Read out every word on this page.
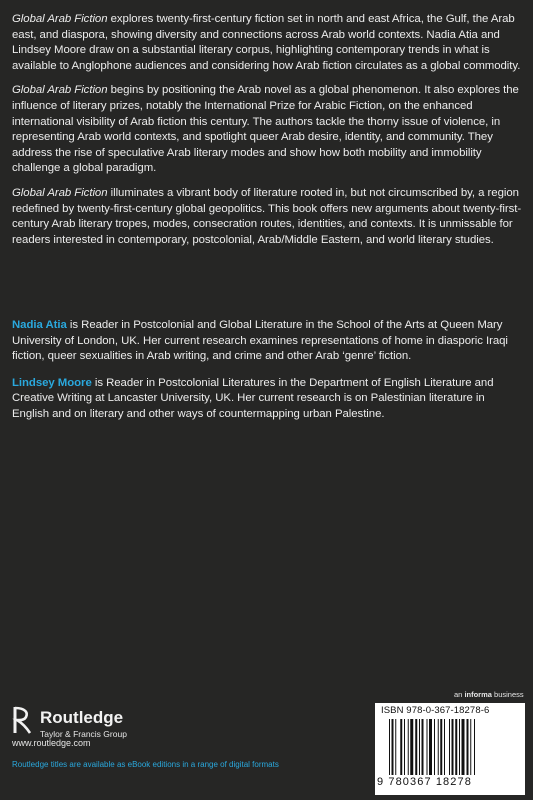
Global Arab Fiction explores twenty-first-century fiction set in north and east Africa, the Gulf, the Arab east, and diaspora, showing diversity and connections across Arab world contexts. Nadia Atia and Lindsey Moore draw on a substantial literary corpus, highlighting contemporary trends in what is available to Anglophone audiences and considering how Arab fiction circulates as a global commodity.

Global Arab Fiction begins by positioning the Arab novel as a global phenomenon. It also explores the influence of literary prizes, notably the International Prize for Arabic Fiction, on the enhanced international visibility of Arab fiction this century. The authors tackle the thorny issue of violence, in representing Arab world contexts, and spotlight queer Arab desire, identity, and community. They address the rise of speculative Arab literary modes and show how both mobility and immobility challenge a global paradigm.

Global Arab Fiction illuminates a vibrant body of literature rooted in, but not circumscribed by, a region redefined by twenty-first-century global geopolitics. This book offers new arguments about twenty-first-century Arab literary tropes, modes, consecration routes, identities, and contexts. It is unmissable for readers interested in contemporary, postcolonial, Arab/Middle Eastern, and world literary studies.

Nadia Atia is Reader in Postcolonial and Global Literature in the School of the Arts at Queen Mary University of London, UK. Her current research examines representations of home in diasporic Iraqi fiction, queer sexualities in Arab writing, and crime and other Arab ‘genre’ fiction.

Lindsey Moore is Reader in Postcolonial Literatures in the Department of English Literature and Creative Writing at Lancaster University, UK. Her current research is on Palestinian literature in English and on literary and other ways of countermapping urban Palestine.

Routledge
Taylor & Francis Group
www.routledge.com
Routledge titles are available as eBook editions in a range of digital formats
an informa business
ISBN 978-0-367-18278-6
9 780367 18278
